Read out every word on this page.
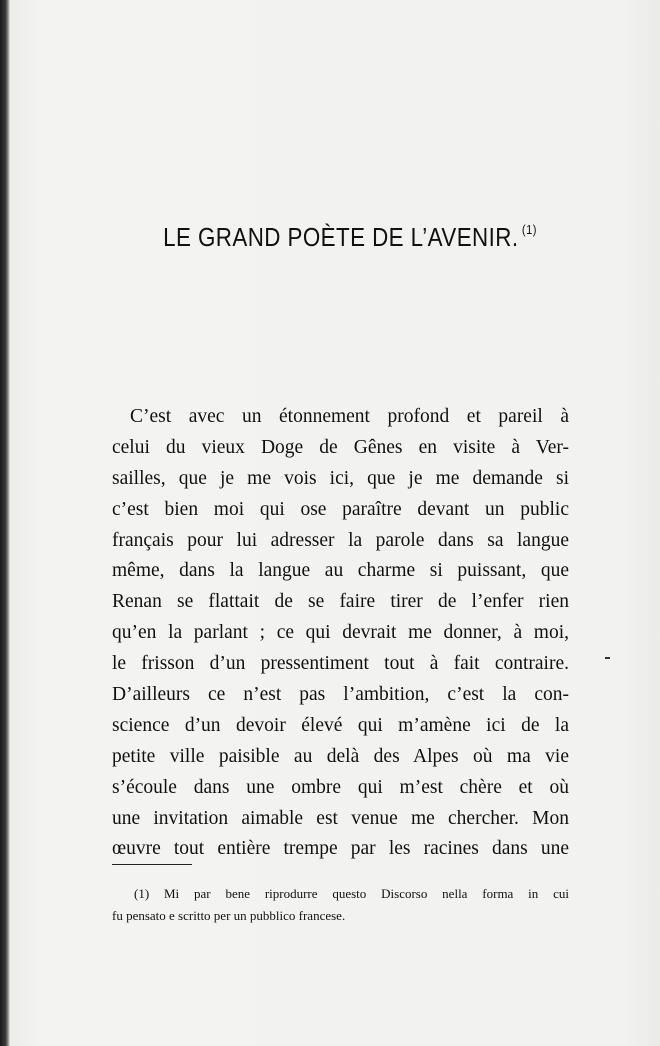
LE GRAND POÈTE DE L’AVENIR. $^{(1)}$
C’est avec un étonnement profond et pareil à
celui du vieux Doge de Gênes en visite à Ver-
sailles, que je me vois ici, que je me demande si
c’est bien moi qui ose paraître devant un public
français pour lui adresser la parole dans sa langue
même, dans la langue au charme si puissant, que
Renan se flattait de se faire tirer de l’enfer rien
qu’en la parlant ; ce qui devrait me donner, à moi,
le frisson d’un pressentiment tout à fait contraire.
D’ailleurs ce n’est pas l’ambition, c’est la con-
science d’un devoir élevé qui m’amène ici de la
petite ville paisible au delà des Alpes où ma vie
s’écoule dans une ombre qui m’est chère et où
une invitation aimable est venue me chercher. Mon
œuvre tout entière trempe par les racines dans une
(1) Mi par bene riprodurre questo Discorso nella forma in cui
fu pensato e scritto per un pubblico francese.
